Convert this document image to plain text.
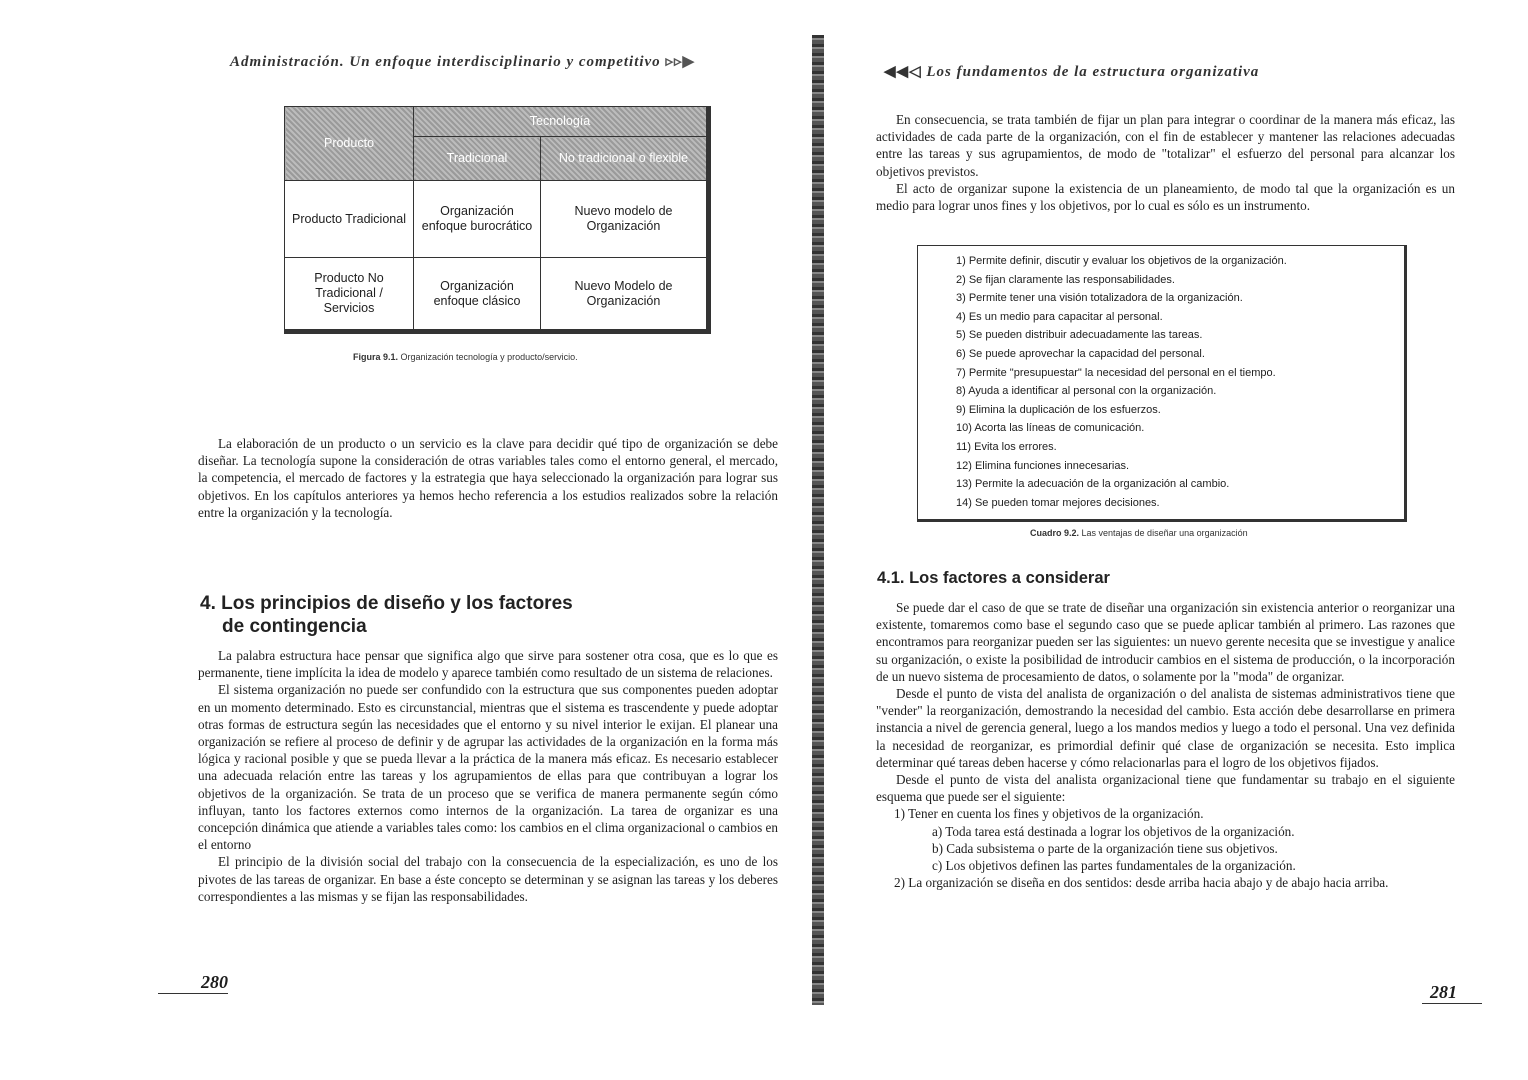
Administración. Un enfoque interdisciplinario y competitivo ▹▹▶
Producto	Tecnología	
	Tradicional	No tradicional o flexible
Producto Tradicional	Organización enfoque burocrático	Nuevo modelo de Organización
Producto No Tradicional / Servicios	Organización enfoque clásico	Nuevo Modelo de Organización
Figura 9.1. Organización tecnología y producto/servicio.

La elaboración de un producto o un servicio es la clave para decidir qué tipo de organización se debe diseñar. La tecnología supone la consideración de otras variables tales como el entorno general, el mercado, la competencia, el mercado de factores y la estrategia que haya seleccionado la organización para lograr sus objetivos. En los capítulos anteriores ya hemos hecho referencia a los estudios realizados sobre la relación entre la organización y la tecnología.

4. Los principios de diseño y los factores
de contingencia

La palabra estructura hace pensar que significa algo que sirve para sostener otra cosa, que es lo que es permanente, tiene implícita la idea de modelo y aparece también como resultado de un sistema de relaciones.

El sistema organización no puede ser confundido con la estructura que sus componentes pueden adoptar en un momento determinado. Esto es circunstancial, mientras que el sistema es trascendente y puede adoptar otras formas de estructura según las necesidades que el entorno y su nivel interior le exijan. El planear una organización se refiere al proceso de definir y de agrupar las actividades de la organización en la forma más lógica y racional posible y que se pueda llevar a la práctica de la manera más eficaz. Es necesario establecer una adecuada relación entre las tareas y los agrupamientos de ellas para que contribuyan a lograr los objetivos de la organización. Se trata de un proceso que se verifica de manera permanente según cómo influyan, tanto los factores externos como internos de la organización. La tarea de organizar es una concepción dinámica que atiende a variables tales como: los cambios en el clima organizacional o cambios en el entorno

El principio de la división social del trabajo con la consecuencia de la especialización, es uno de los pivotes de las tareas de organizar. En base a éste concepto se determinan y se asignan las tareas y los deberes correspondientes a las mismas y se fijan las responsabilidades.

280
◀◀◁ Los fundamentos de la estructura organizativa

En consecuencia, se trata también de fijar un plan para integrar o coordinar de la manera más eficaz, las actividades de cada parte de la organización, con el fin de establecer y mantener las relaciones adecuadas entre las tareas y sus agrupamientos, de modo de "totalizar" el esfuerzo del personal para alcanzar los objetivos previstos.

El acto de organizar supone la existencia de un planeamiento, de modo tal que la organización es un medio para lograr unos fines y los objetivos, por lo cual es sólo es un instrumento.

1) Permite definir, discutir y evaluar los objetivos de la organización.
2) Se fijan claramente las responsabilidades.
3) Permite tener una visión totalizadora de la organización.
4) Es un medio para capacitar al personal.
5) Se pueden distribuir adecuadamente las tareas.
6) Se puede aprovechar la capacidad del personal.
7) Permite "presupuestar" la necesidad del personal en el tiempo.
8) Ayuda a identificar al personal con la organización.
9) Elimina la duplicación de los esfuerzos.
10) Acorta las líneas de comunicación.
11) Evita los errores.
12) Elimina funciones innecesarias.
13) Permite la adecuación de la organización al cambio.
14) Se pueden tomar mejores decisiones.
Cuadro 9.2. Las ventajas de diseñar una organización
4.1. Los factores a considerar

Se puede dar el caso de que se trate de diseñar una organización sin existencia anterior o reorganizar una existente, tomaremos como base el segundo caso que se puede aplicar también al primero. Las razones que encontramos para reorganizar pueden ser las siguientes: un nuevo gerente necesita que se investigue y analice su organización, o existe la posibilidad de introducir cambios en el sistema de producción, o la incorporación de un nuevo sistema de procesamiento de datos, o solamente por la "moda" de organizar.

Desde el punto de vista del analista de organización o del analista de sistemas administrativos tiene que "vender" la reorganización, demostrando la necesidad del cambio. Esta acción debe desarrollarse en primera instancia a nivel de gerencia general, luego a los mandos medios y luego a todo el personal. Una vez definida la necesidad de reorganizar, es primordial definir qué clase de organización se necesita. Esto implica determinar qué tareas deben hacerse y cómo relacionarlas para el logro de los objetivos fijados.

Desde el punto de vista del analista organizacional tiene que fundamentar su trabajo en el siguiente esquema que puede ser el siguiente:

1) Tener en cuenta los fines y objetivos de la organización.

a) Toda tarea está destinada a lograr los objetivos de la organización.

b) Cada subsistema o parte de la organización tiene sus objetivos.

c) Los objetivos definen las partes fundamentales de la organización.

2) La organización se diseña en dos sentidos: desde arriba hacia abajo y de abajo hacia arriba.

281
